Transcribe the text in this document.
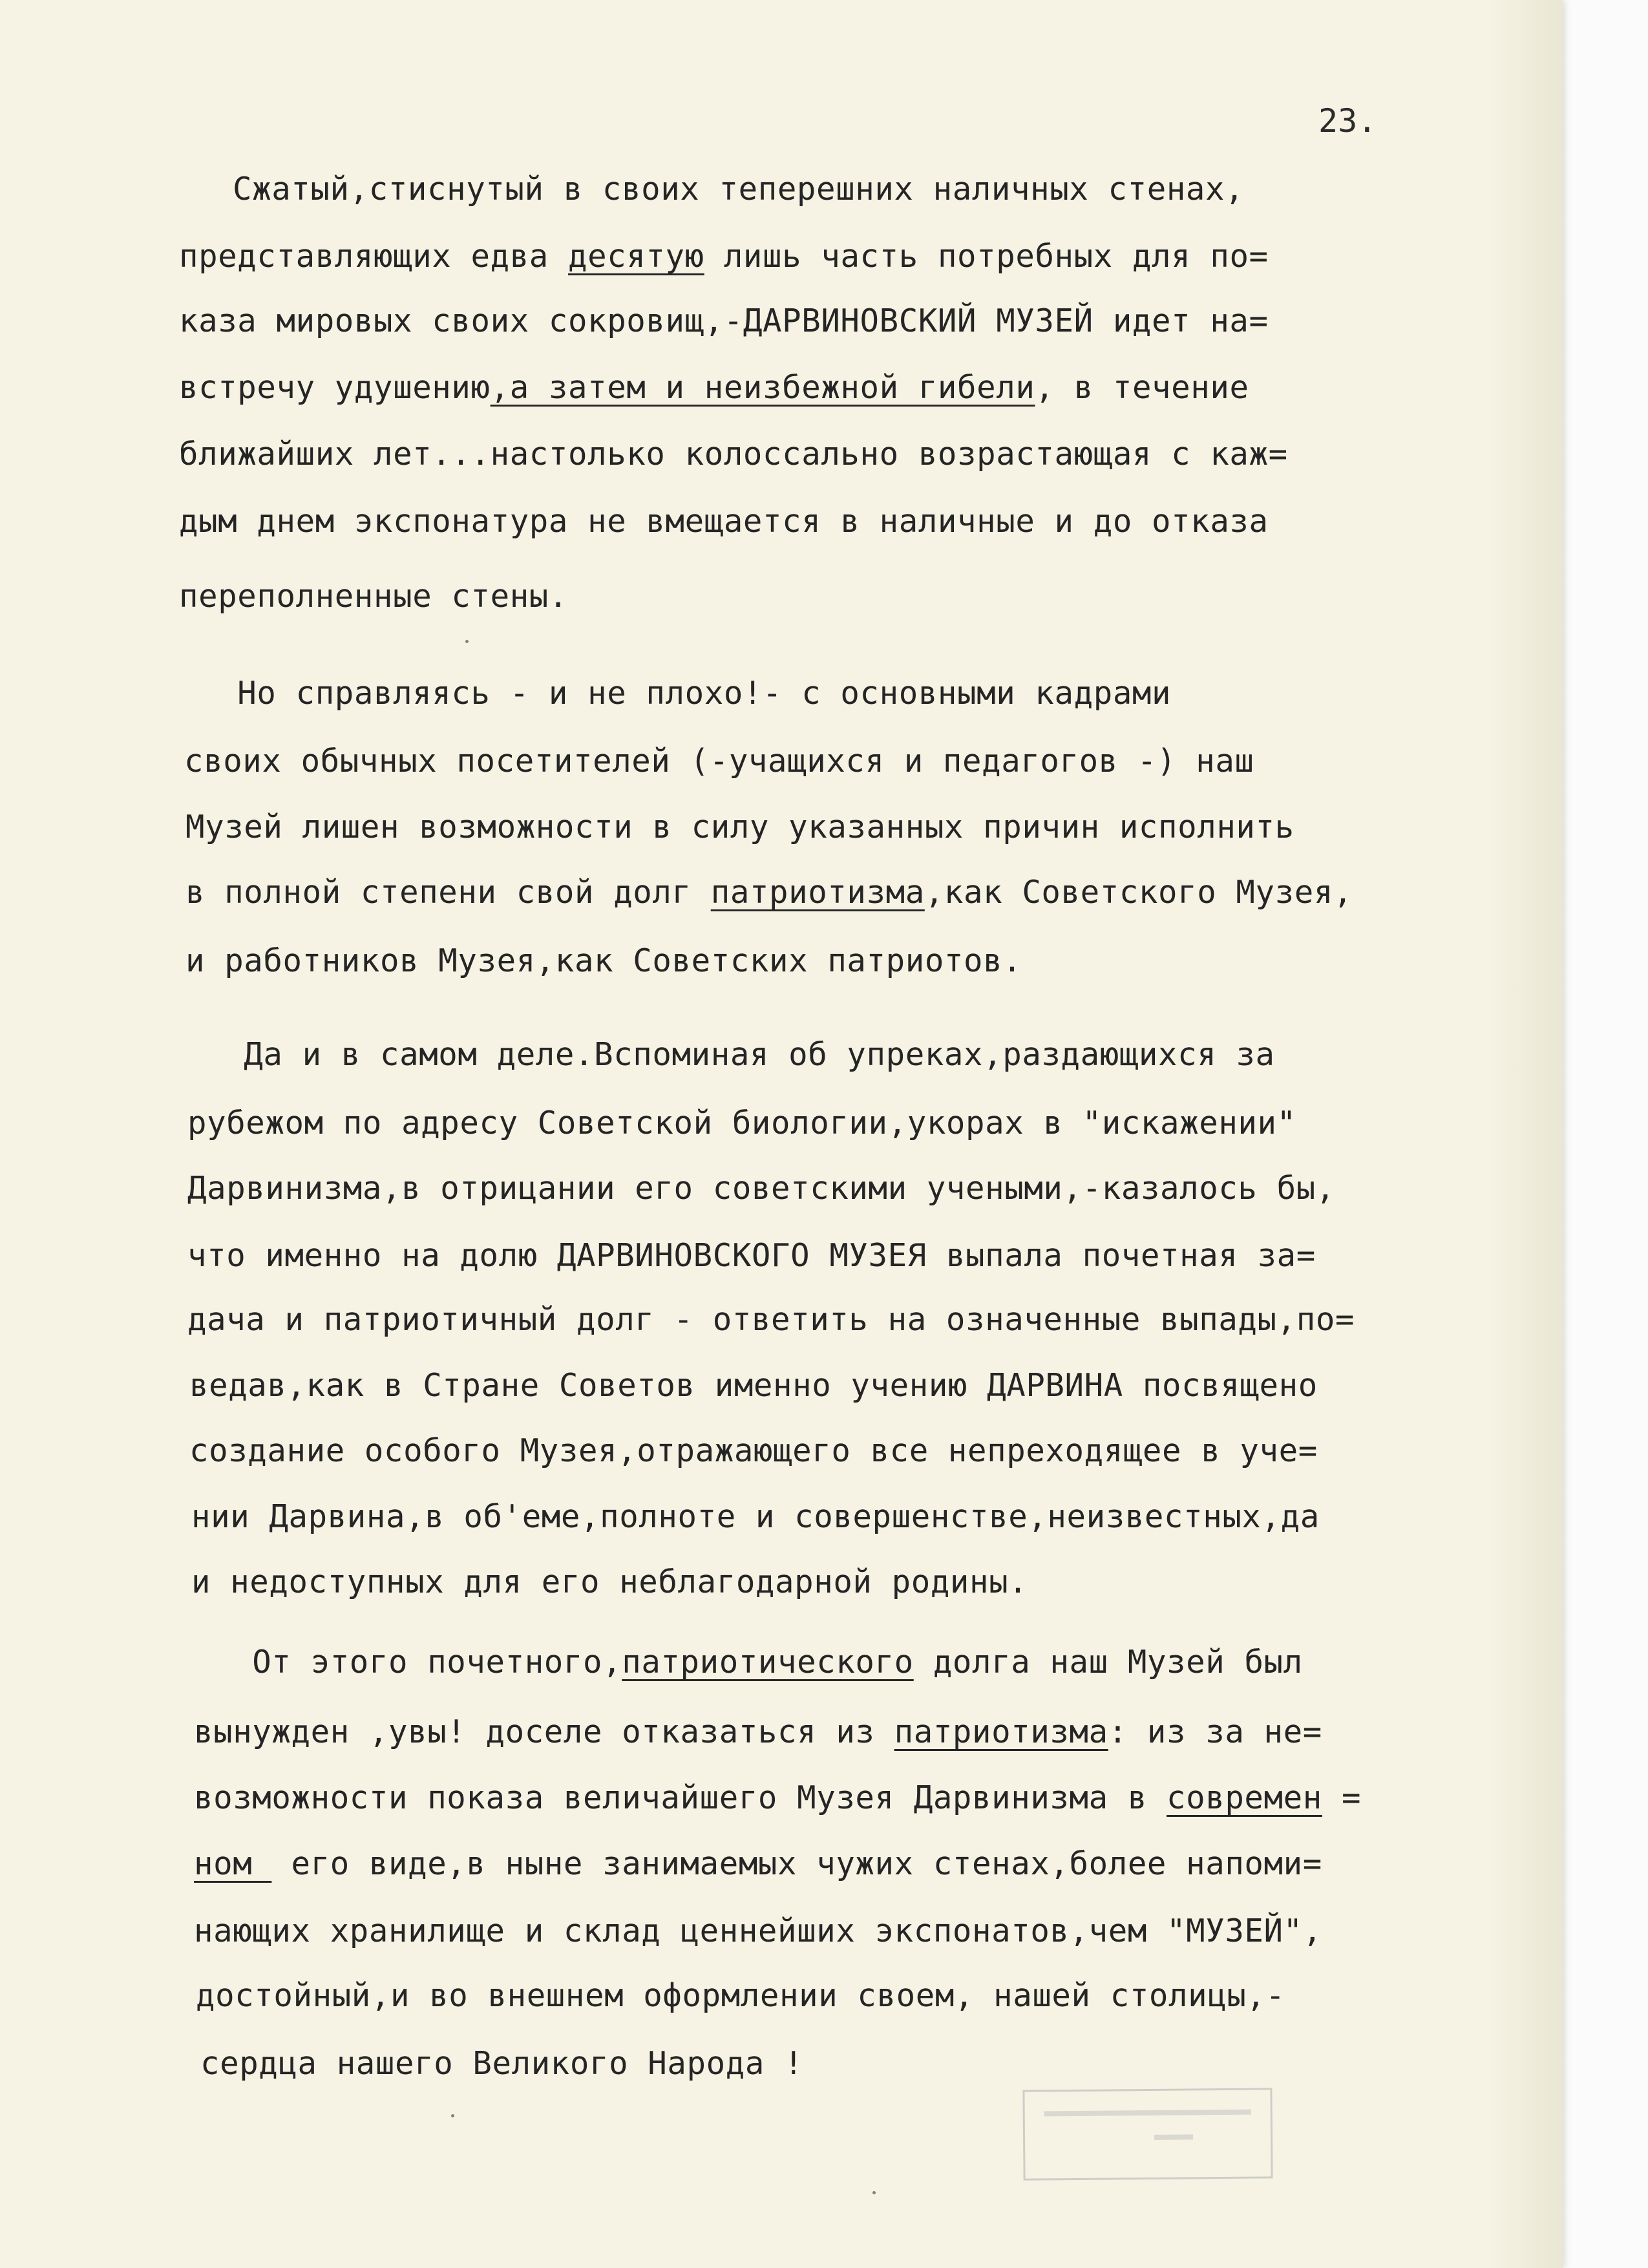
23.
Сжатый,стиснутый в своих теперешних наличных стенах,
представляющих едва десятую лишь часть потребных для по=
каза мировых своих сокровищ,-ДАРВИНОВСКИЙ МУЗЕЙ идет на=
встречу удушению,а затем и неизбежной гибели, в течение
ближайших лет...настолько колоссально возрастающая с каж=
дым днем экспонатура не вмещается в наличные и до отказа
переполненные стены.
Но справляясь - и не плохо!- с основными кадрами
своих обычных посетителей (-учащихся и педагогов -) наш
Музей лишен возможности в силу указанных причин исполнить
в полной степени свой долг патриотизма,как Советского Музея,
и работников Музея,как Советских патриотов.
Да и в самом деле.Вспоминая об упреках,раздающихся за
рубежом по адресу Советской биологии,укорах в "искажении"
Дарвинизма,в отрицании его советскими учеными,-казалось бы,
что именно на долю ДАРВИНОВСКОГО МУЗЕЯ выпала почетная за=
дача и патриотичный долг - ответить на означенные выпады,по=
ведав,как в Стране Советов именно учению ДАРВИНА посвящено
создание особого Музея,отражающего все непреходящее в уче=
нии Дарвина,в об'еме,полноте и совершенстве,неизвестных,да
и недоступных для его неблагодарной родины.
От этого почетного,патриотического долга наш Музей был
вынужден ,увы! доселе отказаться из патриотизма: из за не=
возможности показа величайшего Музея Дарвинизма в современ =
ном  его виде,в ныне занимаемых чужих стенах,более напоми=
нающих хранилище и склад ценнейших экспонатов,чем "МУЗЕЙ",
достойный,и во внешнем оформлении своем, нашей столицы,-
сердца нашего Великого Народа !
